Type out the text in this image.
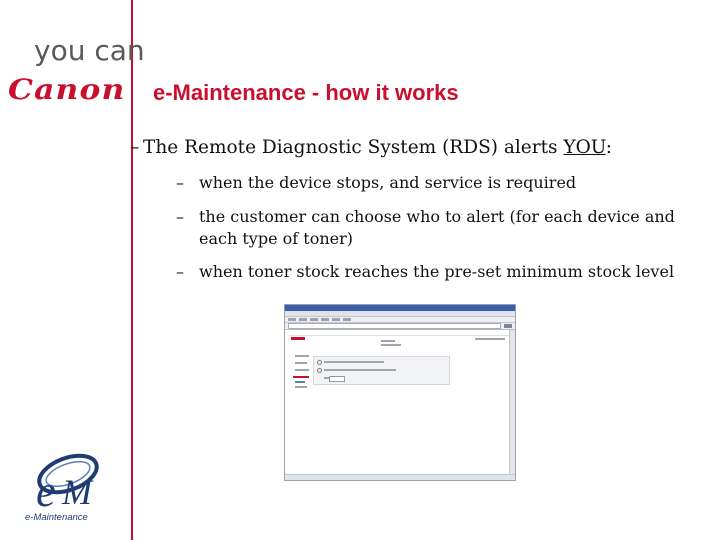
you can
Canon e-Maintenance - how it works
– The Remote Diagnostic System (RDS) alerts YOU:
– when the device stops, and service is required
– the customer can choose who to alert (for each device and each type of toner)
– when toner stock reaches the pre-set minimum stock level
e M
e-Maintenance
